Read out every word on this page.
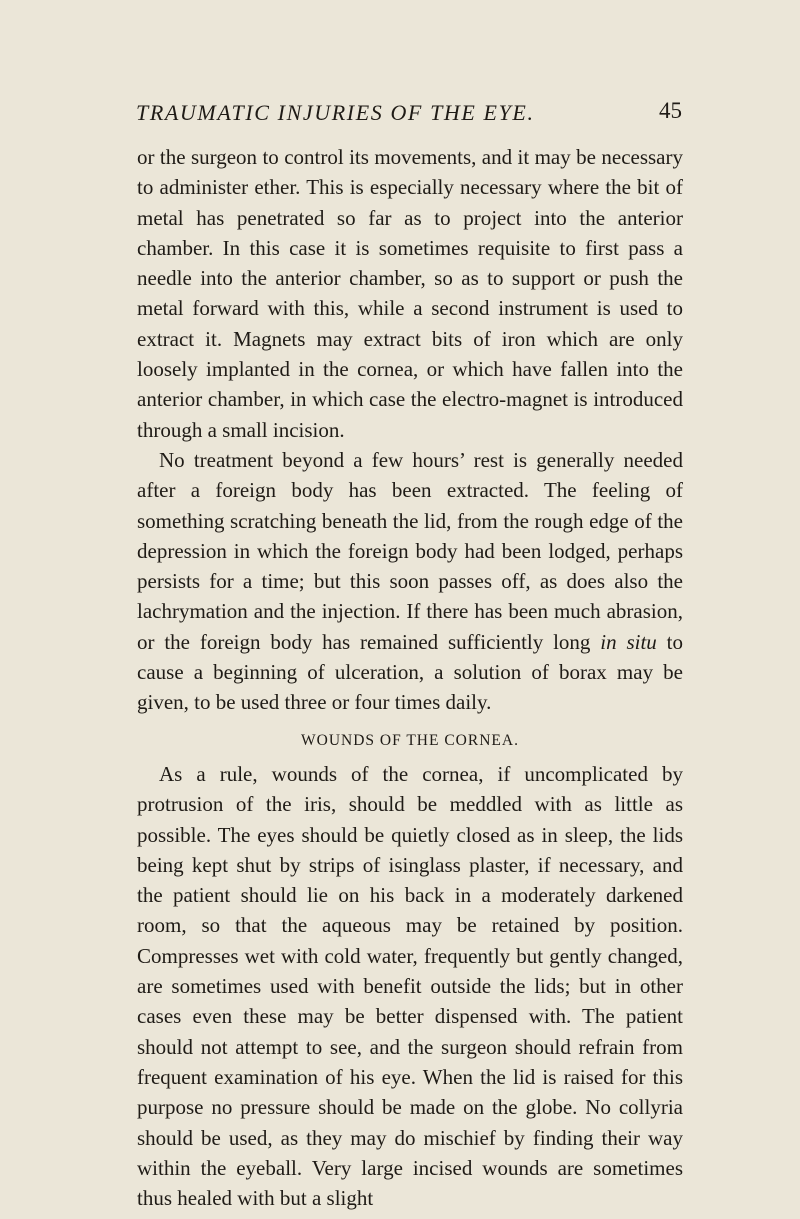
TRAUMATIC INJURIES OF THE EYE.	45

or the surgeon to control its movements, and it may be necessary to administer ether. This is especially necessary where the bit of metal has penetrated so far as to project into the anterior chamber. In this case it is sometimes requisite to first pass a needle into the anterior chamber, so as to support or push the metal forward with this, while a second instrument is used to extract it. Magnets may extract bits of iron which are only loosely implanted in the cornea, or which have fallen into the anterior chamber, in which case the electro-magnet is introduced through a small incision.

No treatment beyond a few hours’ rest is generally needed after a foreign body has been extracted. The feeling of something scratching beneath the lid, from the rough edge of the depression in which the foreign body had been lodged, perhaps persists for a time; but this soon passes off, as does also the lachrymation and the injection. If there has been much abrasion, or the foreign body has remained sufficiently long in situ to cause a beginning of ulceration, a solution of borax may be given, to be used three or four times daily.

WOUNDS OF THE CORNEA.

As a rule, wounds of the cornea, if uncomplicated by protrusion of the iris, should be meddled with as little as possible. The eyes should be quietly closed as in sleep, the lids being kept shut by strips of isinglass plaster, if necessary, and the patient should lie on his back in a moderately darkened room, so that the aqueous may be retained by position. Compresses wet with cold water, frequently but gently changed, are sometimes used with benefit outside the lids; but in other cases even these may be better dispensed with. The patient should not attempt to see, and the surgeon should refrain from frequent examination of his eye. When the lid is raised for this purpose no pressure should be made on the globe. No collyria should be used, as they may do mischief by finding their way within the eyeball. Very large incised wounds are sometimes thus healed with but a slight
